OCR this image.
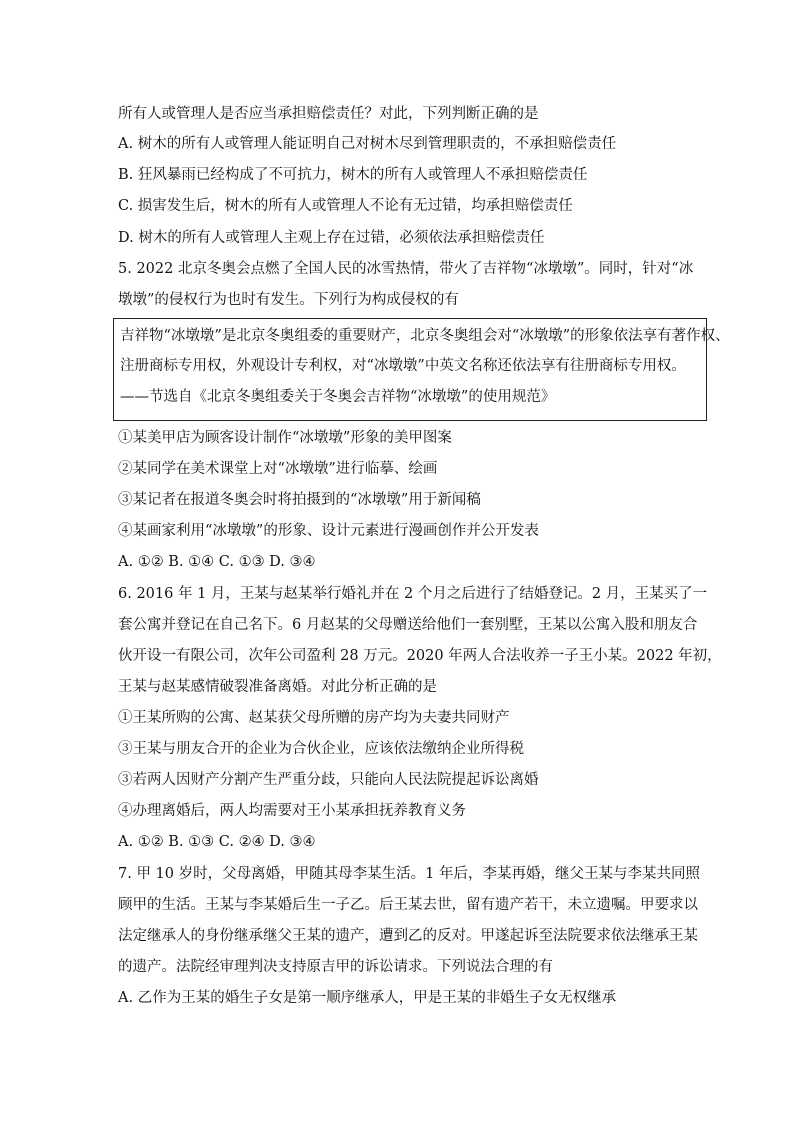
所有人或管理人是否应当承担赔偿责任？对此，下列判断正确的是
A. 树木的所有人或管理人能证明自己对树木尽到管理职责的，不承担赔偿责任
B. 狂风暴雨已经构成了不可抗力，树木的所有人或管理人不承担赔偿责任
C. 损害发生后，树木的所有人或管理人不论有无过错，均承担赔偿责任
D. 树木的所有人或管理人主观上存在过错，必须依法承担赔偿责任
5. 2022 北京冬奥会点燃了全国人民的冰雪热情，带火了吉祥物“冰墩墩”。同时，针对“冰
墩墩”的侵权行为也时有发生。下列行为构成侵权的有
吉祥物“冰墩墩”是北京冬奥组委的重要财产，北京冬奥组会对“冰墩墩”的形象依法享有著作权、
注册商标专用权，外观设计专利权，对“冰墩墩”中英文名称还依法享有往册商标专用权。
——节选自《北京冬奥组委关于冬奥会吉祥物“冰墩墩”的使用规范》
①某美甲店为顾客设计制作“冰墩墩”形象的美甲图案
②某同学在美术课堂上对“冰墩墩”进行临摹、绘画
③某记者在报道冬奥会时将拍摄到的“冰墩墩”用于新闻稿
④某画家利用“冰墩墩”的形象、设计元素进行漫画创作并公开发表
A. ①② B. ①④ C. ①③ D. ③④
6. 2016 年 1 月，王某与赵某举行婚礼并在 2 个月之后进行了结婚登记。2 月，王某买了一
套公寓并登记在自己名下。6 月赵某的父母赠送给他们一套别墅，王某以公寓入股和朋友合
伙开设一有限公司，次年公司盈利 28 万元。2020 年两人合法收养一子王小某。2022 年初，
王某与赵某感情破裂准备离婚。对此分析正确的是
①王某所购的公寓、赵某获父母所赠的房产均为夫妻共同财产
③王某与朋友合开的企业为合伙企业，应该依法缴纳企业所得税
③若两人因财产分割产生严重分歧，只能向人民法院提起诉讼离婚
④办理离婚后，两人均需要对王小某承担抚养教育义务
A. ①② B. ①③ C. ②④ D. ③④
7. 甲 10 岁时，父母离婚，甲随其母李某生活。1 年后，李某再婚，继父王某与李某共同照
顾甲的生活。王某与李某婚后生一子乙。后王某去世，留有遗产若干，未立遗嘱。甲要求以
法定继承人的身份继承继父王某的遗产，遭到乙的反对。甲遂起诉至法院要求依法继承王某
的遗产。法院经审理判决支持原吉甲的诉讼请求。下列说法合理的有
A. 乙作为王某的婚生子女是第一顺序继承人，甲是王某的非婚生子女无权继承
